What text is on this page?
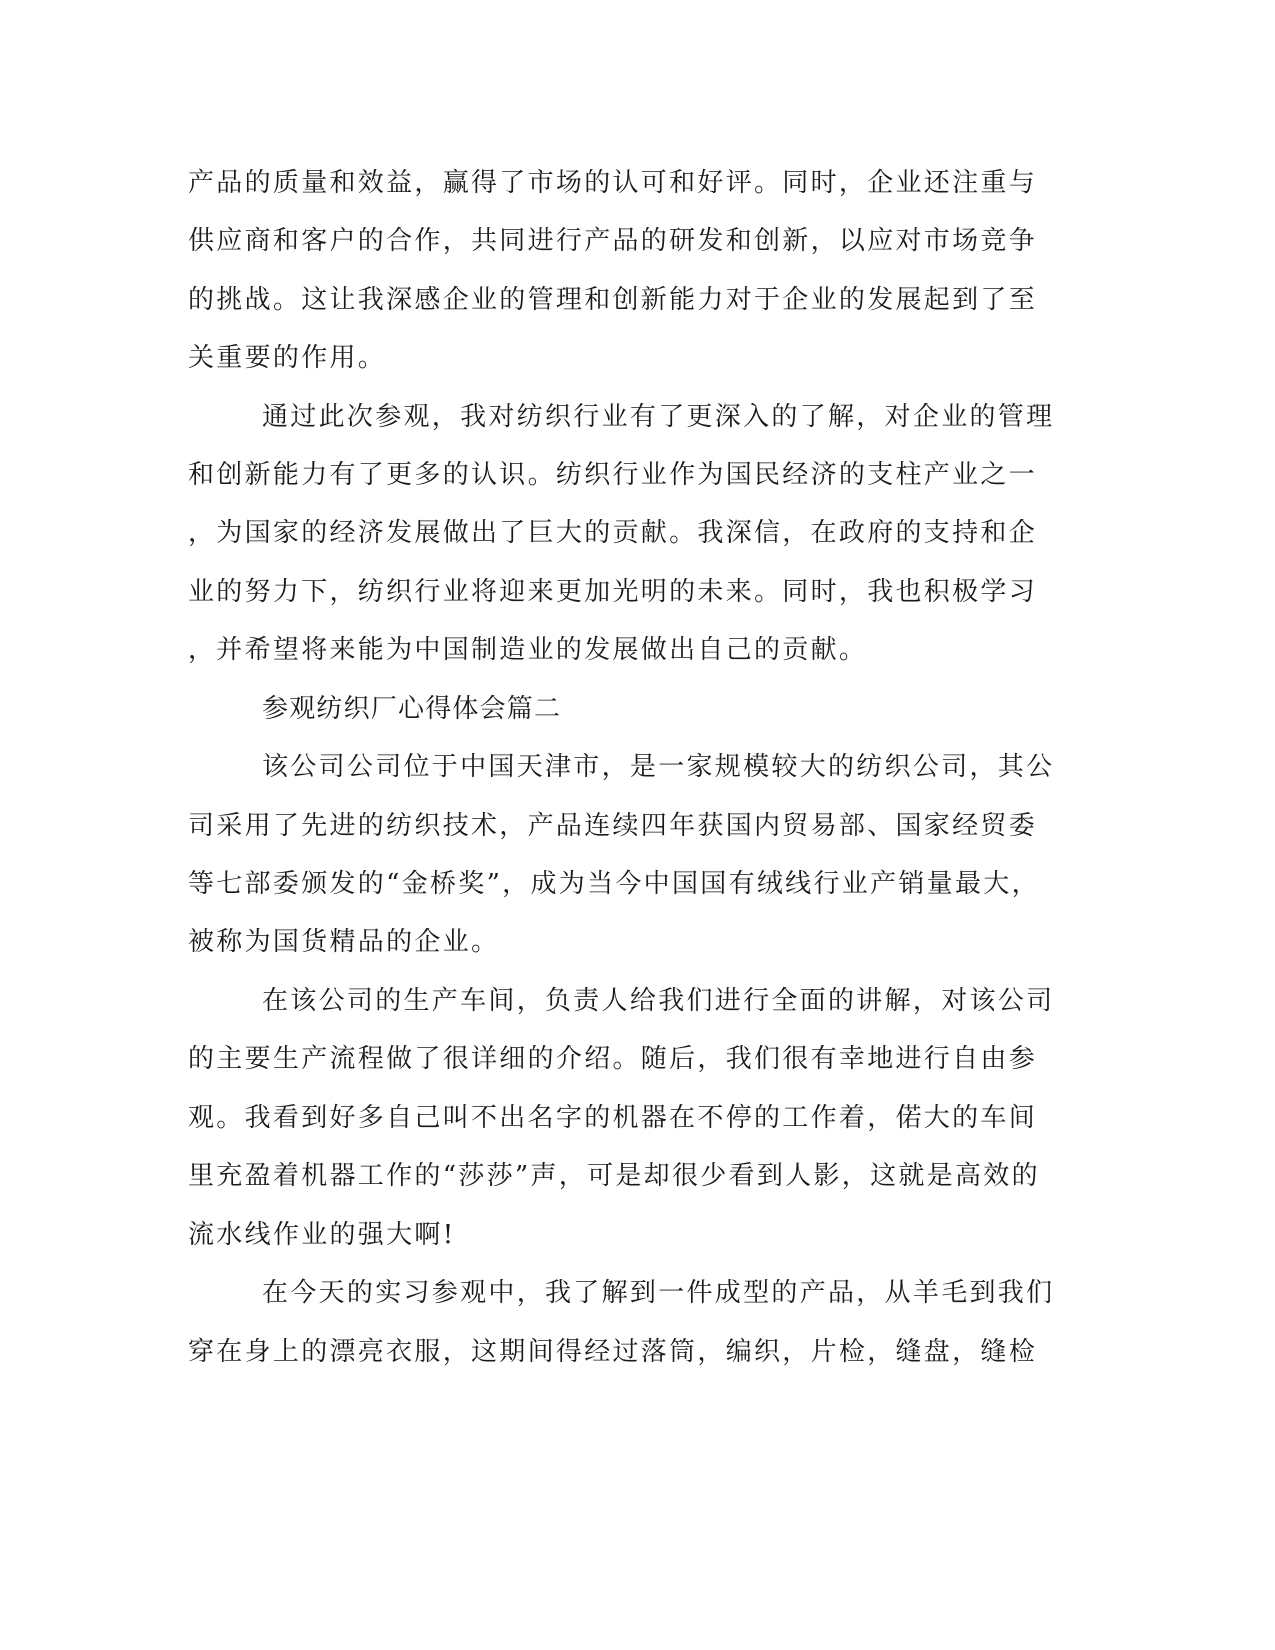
产品的质量和效益，赢得了市场的认可和好评。同时，企业还注重与
供应商和客户的合作，共同进行产品的研发和创新，以应对市场竞争
的挑战。这让我深感企业的管理和创新能力对于企业的发展起到了至
关重要的作用。
通过此次参观，我对纺织行业有了更深入的了解，对企业的管理
和创新能力有了更多的认识。纺织行业作为国民经济的支柱产业之一
，为国家的经济发展做出了巨大的贡献。我深信，在政府的支持和企
业的努力下，纺织行业将迎来更加光明的未来。同时，我也积极学习
，并希望将来能为中国制造业的发展做出自己的贡献。
参观纺织厂心得体会篇二
该公司公司位于中国天津市，是一家规模较大的纺织公司，其公
司采用了先进的纺织技术，产品连续四年获国内贸易部、国家经贸委
等七部委颁发的“金桥奖”，成为当今中国国有绒线行业产销量最大，
被称为国货精品的企业。
在该公司的生产车间，负责人给我们进行全面的讲解，对该公司
的主要生产流程做了很详细的介绍。随后，我们很有幸地进行自由参
观。我看到好多自己叫不出名字的机器在不停的工作着，偌大的车间
里充盈着机器工作的“莎莎”声，可是却很少看到人影，这就是高效的
流水线作业的强大啊!
在今天的实习参观中，我了解到一件成型的产品，从羊毛到我们
穿在身上的漂亮衣服，这期间得经过落筒，编织，片检，缝盘，缝检
